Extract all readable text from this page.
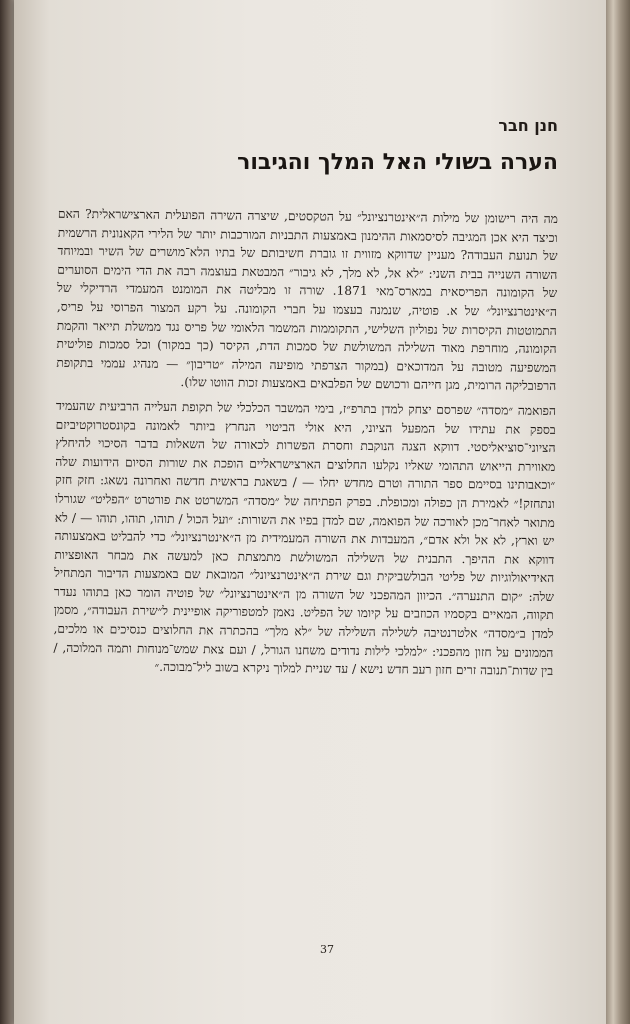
חנן חבר
הערה בשולי האל המלך והגיבור

מה היה רישומן של מילות ה״אינטרנציונל״ על הטקסטים, שיצרה השירה הפועלית הארצישראלית? האם וכיצד היא אכן המגיבה לסיסמאות ההימנון באמצעות התבניות המורכבות יותר של הלירי הקאנונית הרשמית של תנועת העבודה? מעניין שדווקא מזווית זו גוברת חשיבותם של בתיו הלא־מושרים של השיר ובמיוחד השורה השנייה בבית השני: ״לא אל, לא מלך, לא גיבור״ המבטאת בעוצמה רבה את הדי הימים הסוערים של הקומונה הפריסאית במארס־מאי 1871. שורה זו מבליטה את המומנט המעמדי הרדיקלי של ה״אינטרנציונל״ של א. פוטיה, שנמנה בעצמו על חברי הקומונה. על רקע המצור הפרוסי על פריס, התמוטטות הקיסרות של נפוליון השלישי, התקוממות המשמר הלאומי של פריס נגד ממשלת תייאר והקמת הקומונה, מוחרפת מאוד השלילה המשולשת של סמכות הדת, הקיסר (כך במקור) וכל סמכות פוליטית המשפיעה מטובה על המדוכאים (במקור הצרפתי מופיעה המילה ״טריבון״ — מנהיג עממי בתקופת הרפובליקה הרומית, מגן חייהם ורכושם של הפלבאים באמצעות זכות הווטו שלו).

הפואמה ״מסדה״ שפרסם יצחק למדן בתרפ״ז, בימי המשבר הכלכלי של תקופת העלייה הרביעית שהעמיד בספק את עתידו של המפעל הציוני, היא אולי הביטוי הנחרץ ביותר לאמונה בקונסטרוקטיביזם הציוני־סוציאליסטי. דווקא הצגה הנוקבת וחסרת הפשרות לכאורה של השאלות בדבר הסיכוי להיחלץ מאווירת הייאוש התהומי שאליו נקלעו החלוצים הארצישראליים הופכת את שורות הסיום הידועות שלה ״וכאבותינו בסיימם ספר התורה וטרם מחדש יחלו — / בשאגת בראשית חדשה ואחרונה נשאג: חזק חזק ונתחזק!״ לאמירת הן כפולה ומכופלת. בפרק הפתיחה של ״מסדה״ המשרטט את פורטרט ״הפליט״ שגורלו מתואר לאחר־מכן לאורכה של הפואמה, שם למדן בפיו את השורות: ״ועל הכול / תוהו, תוהו, תוהו — / לא יש וארץ, לא אל ולא אדם״, המעבדות את השורה המעמידית מן ה״אינטרנציונל״ כדי להבליט באמצעותה דווקא את ההיפך. התבנית של השלילה המשולשת מתמצתת כאן למעשה את מבחר האופציות האידיאולוגיות של פליטי הבולשביקית וגם שירת ה״אינטרנציונל״ המובאת שם באמצעות הדיבור המתחיל שלה: ״קום התנערה״. הכיוון המהפכני של השורה מן ה״אינטרנציונל״ של פוטיה הומר כאן בתוהו נעדר תקווה, המאיים בקסמיו הכוזבים על קיומו של הפליט. נאמן למטפוריקה אופיינית ל״שירת העבודה״, מסמן למדן ב״מסדה״ אלטרנטיבה לשלילה השלילה של ״לא מלך״ בהכתרה את החלוצים כנסיכים או מלכים, הממונים על חזון מהפכני: ״למלכי לילות נדודים משחנו הגורל, / ועם צאת שמש־מנוחות ותמה המלוכה, / בין שדות־תנובה זרים חזון רעב חדש נישא / עד שניית למלוך ניקרא בשוב ליל־מבוכה.״

37
